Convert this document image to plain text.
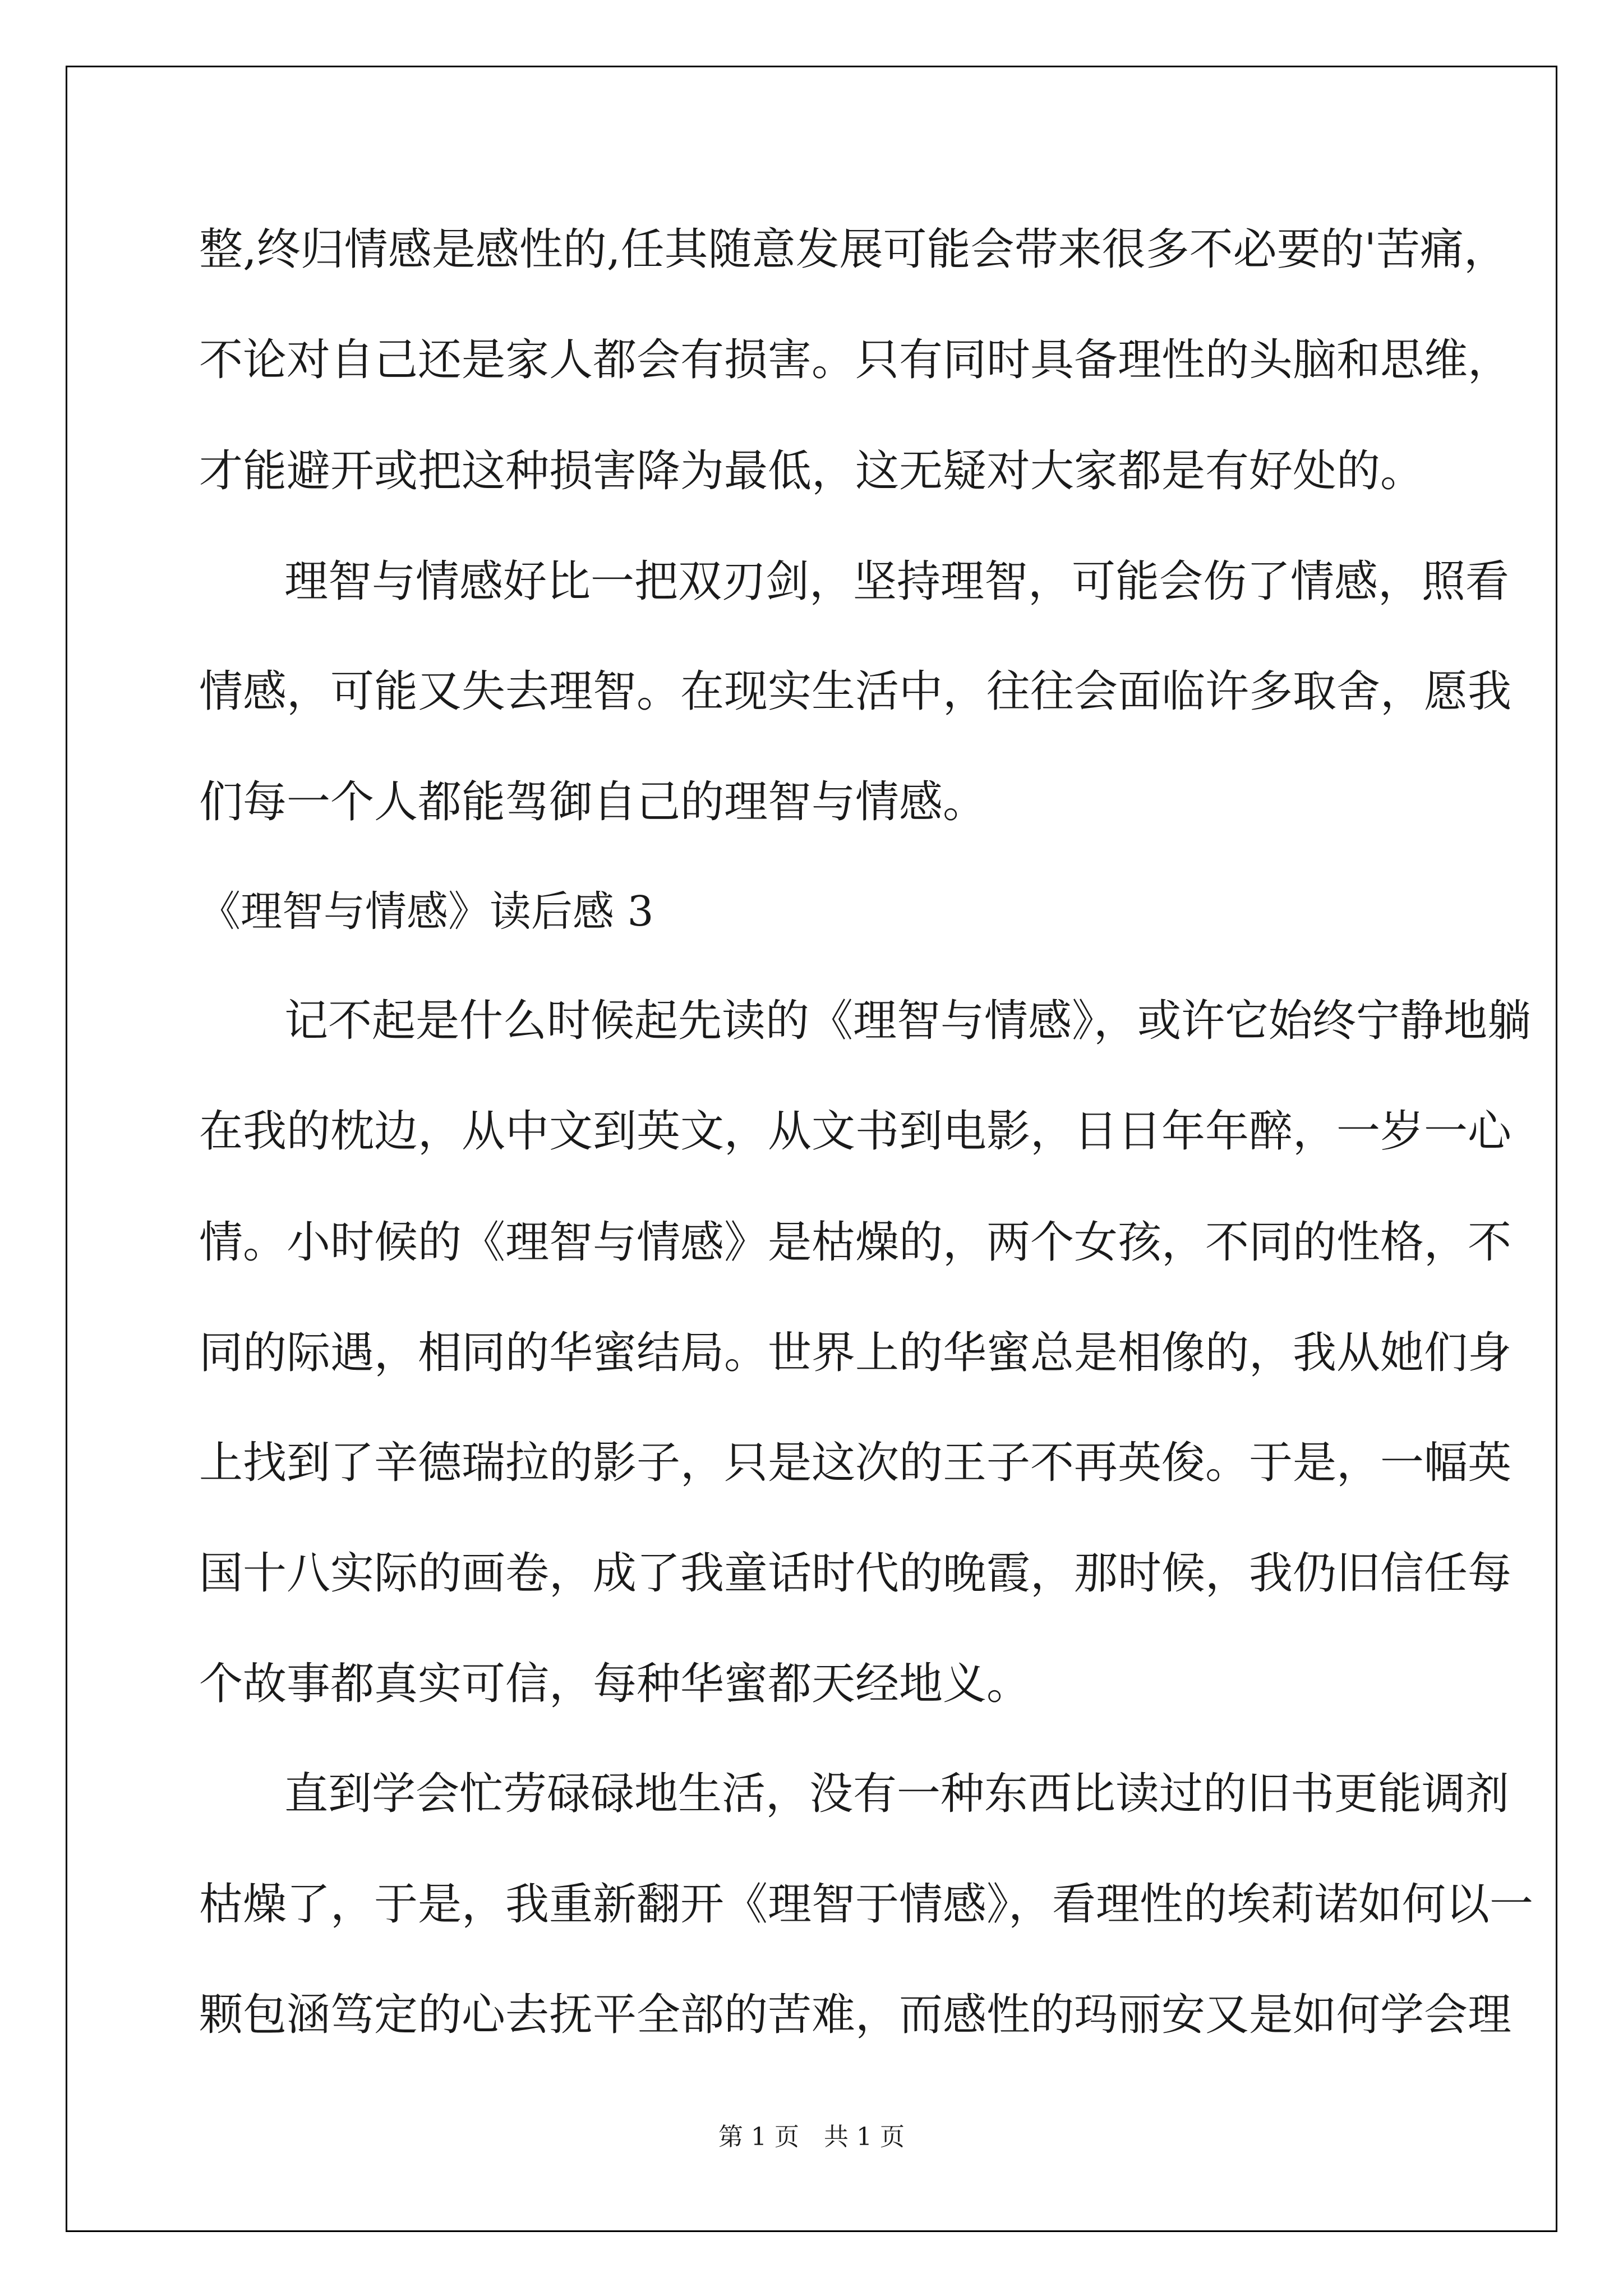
整,终归情感是感性的,任其随意发展可能会带来很多不必要的'苦痛，
不论对自己还是家人都会有损害。只有同时具备理性的头脑和思维，
才能避开或把这种损害降为最低，这无疑对大家都是有好处的。
理智与情感好比一把双刃剑，坚持理智，可能会伤了情感，照看
情感，可能又失去理智。在现实生活中，往往会面临许多取舍，愿我
们每一个人都能驾御自己的理智与情感。
《理智与情感》读后感 3
记不起是什么时候起先读的《理智与情感》，或许它始终宁静地躺
在我的枕边，从中文到英文，从文书到电影，日日年年醉，一岁一心
情。小时候的《理智与情感》是枯燥的，两个女孩，不同的性格，不
同的际遇，相同的华蜜结局。世界上的华蜜总是相像的，我从她们身
上找到了辛德瑞拉的影子，只是这次的王子不再英俊。于是，一幅英
国十八实际的画卷，成了我童话时代的晚霞，那时候，我仍旧信任每
个故事都真实可信，每种华蜜都天经地义。
直到学会忙劳碌碌地生活，没有一种东西比读过的旧书更能调剂
枯燥了，于是，我重新翻开《理智于情感》，看理性的埃莉诺如何以一
颗包涵笃定的心去抚平全部的苦难，而感性的玛丽安又是如何学会理
第 1 页　共 1 页
